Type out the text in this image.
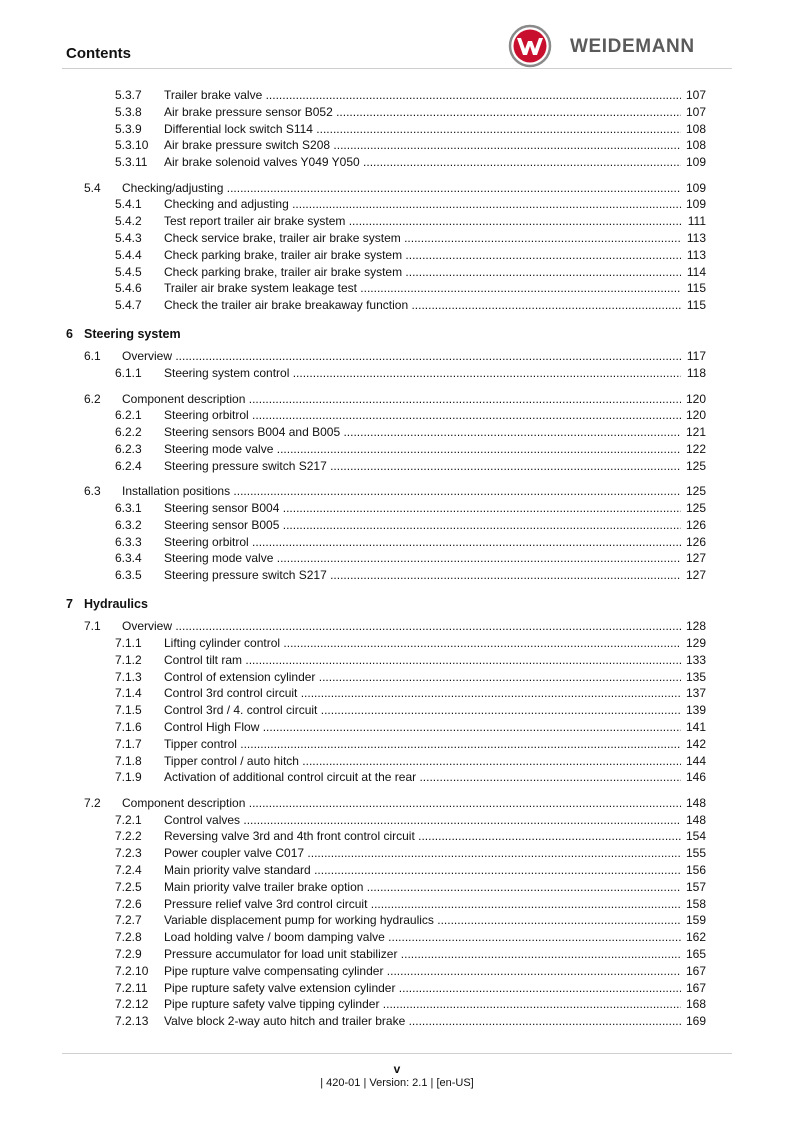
Contents	WEIDEMANN
5.3.7 Trailer brake valve .....	107
5.3.8 Air brake pressure sensor B052 .....	107
5.3.9 Differential lock switch S114 .....	108
5.3.10 Air brake pressure switch S208 .....	108
5.3.11 Air brake solenoid valves Y049 Y050 .....	109
5.4 Checking/adjusting .....	109
5.4.1 Checking and adjusting .....	109
5.4.2 Test report trailer air brake system .....	111
5.4.3 Check service brake, trailer air brake system .....	113
5.4.4 Check parking brake, trailer air brake system .....	113
5.4.5 Check parking brake, trailer air brake system .....	114
5.4.6 Trailer air brake system leakage test .....	115
5.4.7 Check the trailer air brake breakaway function .....	115
6 Steering system
6.1 Overview .....	117
6.1.1 Steering system control .....	118
6.2 Component description .....	120
6.2.1 Steering orbitrol .....	120
6.2.2 Steering sensors B004 and B005 .....	121
6.2.3 Steering mode valve .....	122
6.2.4 Steering pressure switch S217 .....	125
6.3 Installation positions .....	125
6.3.1 Steering sensor B004 .....	125
6.3.2 Steering sensor B005 .....	126
6.3.3 Steering orbitrol .....	126
6.3.4 Steering mode valve .....	127
6.3.5 Steering pressure switch S217 .....	127
7 Hydraulics
7.1 Overview .....	128
7.1.1 Lifting cylinder control .....	129
7.1.2 Control tilt ram .....	133
7.1.3 Control of extension cylinder .....	135
7.1.4 Control 3rd control circuit .....	137
7.1.5 Control 3rd / 4. control circuit .....	139
7.1.6 Control High Flow .....	141
7.1.7 Tipper control .....	142
7.1.8 Tipper control / auto hitch .....	144
7.1.9 Activation of additional control circuit at the rear .....	146
7.2 Component description .....	148
7.2.1 Control valves .....	148
7.2.2 Reversing valve 3rd and 4th front control circuit .....	154
7.2.3 Power coupler valve C017 .....	155
7.2.4 Main priority valve standard .....	156
7.2.5 Main priority valve trailer brake option .....	157
7.2.6 Pressure relief valve 3rd control circuit .....	158
7.2.7 Variable displacement pump for working hydraulics .....	159
7.2.8 Load holding valve / boom damping valve .....	162
7.2.9 Pressure accumulator for load unit stabilizer .....	165
7.2.10 Pipe rupture valve compensating cylinder .....	167
7.2.11 Pipe rupture safety valve extension cylinder .....	167
7.2.12 Pipe rupture safety valve tipping cylinder .....	168
7.2.13 Valve block 2-way auto hitch and trailer brake .....	169
v
| 420-01 | Version: 2.1 | [en-US]
